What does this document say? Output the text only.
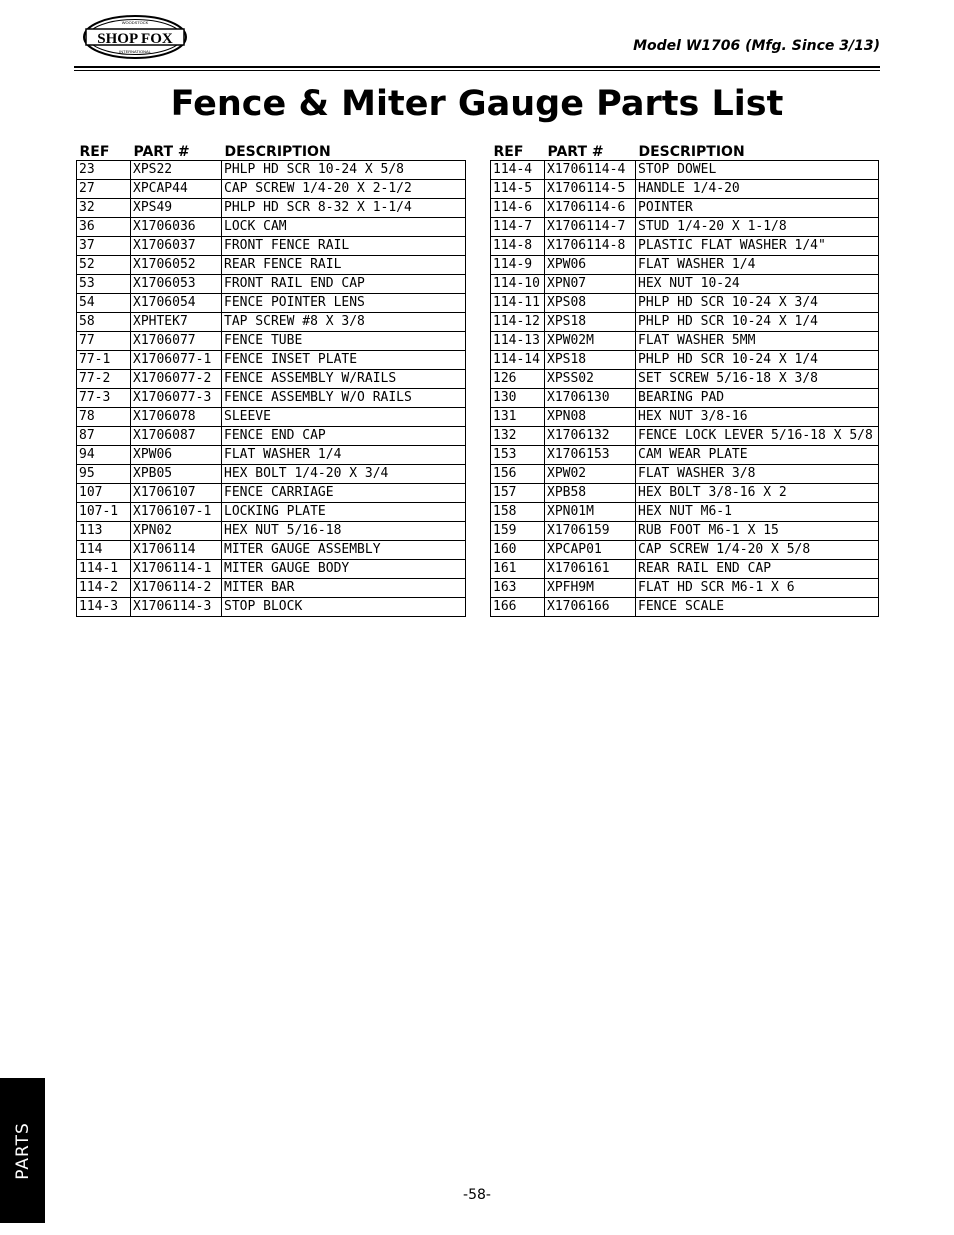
SHOP FOX
WOODSTOCK
INTERNATIONAL	Model W1706 (Mfg. Since 3/13)
Fence & Miter Gauge Parts List
REF	PART #	DESCRIPTION
23	XPS22	PHLP HD SCR 10-24 X 5/8
27	XPCAP44	CAP SCREW 1/4-20 X 2-1/2
32	XPS49	PHLP HD SCR 8-32 X 1-1/4
36	X1706036	LOCK CAM
37	X1706037	FRONT FENCE RAIL
52	X1706052	REAR FENCE RAIL
53	X1706053	FRONT RAIL END CAP
54	X1706054	FENCE POINTER LENS
58	XPHTEK7	TAP SCREW #8 X 3/8
77	X1706077	FENCE TUBE
77-1	X1706077-1	FENCE INSET PLATE
77-2	X1706077-2	FENCE ASSEMBLY W/RAILS
77-3	X1706077-3	FENCE ASSEMBLY W/O RAILS
78	X1706078	SLEEVE
87	X1706087	FENCE END CAP
94	XPW06	FLAT WASHER 1/4
95	XPB05	HEX BOLT 1/4-20 X 3/4
107	X1706107	FENCE CARRIAGE
107-1	X1706107-1	LOCKING PLATE
113	XPN02	HEX NUT 5/16-18
114	X1706114	MITER GAUGE ASSEMBLY
114-1	X1706114-1	MITER GAUGE BODY
114-2	X1706114-2	MITER BAR
114-3	X1706114-3	STOP BLOCK
REF	PART #	DESCRIPTION
114-4	X1706114-4	STOP DOWEL
114-5	X1706114-5	HANDLE 1/4-20
114-6	X1706114-6	POINTER
114-7	X1706114-7	STUD 1/4-20 X 1-1/8
114-8	X1706114-8	PLASTIC FLAT WASHER 1/4"
114-9	XPW06	FLAT WASHER 1/4
114-10	XPN07	HEX NUT 10-24
114-11	XPS08	PHLP HD SCR 10-24 X 3/4
114-12	XPS18	PHLP HD SCR 10-24 X 1/4
114-13	XPW02M	FLAT WASHER 5MM
114-14	XPS18	PHLP HD SCR 10-24 X 1/4
126	XPSS02	SET SCREW 5/16-18 X 3/8
130	X1706130	BEARING PAD
131	XPN08	HEX NUT 3/8-16
132	X1706132	FENCE LOCK LEVER 5/16-18 X 5/8
153	X1706153	CAM WEAR PLATE
156	XPW02	FLAT WASHER 3/8
157	XPB58	HEX BOLT 3/8-16 X 2
158	XPN01M	HEX NUT M6-1
159	X1706159	RUB FOOT M6-1 X 15
160	XPCAP01	CAP SCREW 1/4-20 X 5/8
161	X1706161	REAR RAIL END CAP
163	XPFH9M	FLAT HD SCR M6-1 X 6
166	X1706166	FENCE SCALE
PARTS
-58-
